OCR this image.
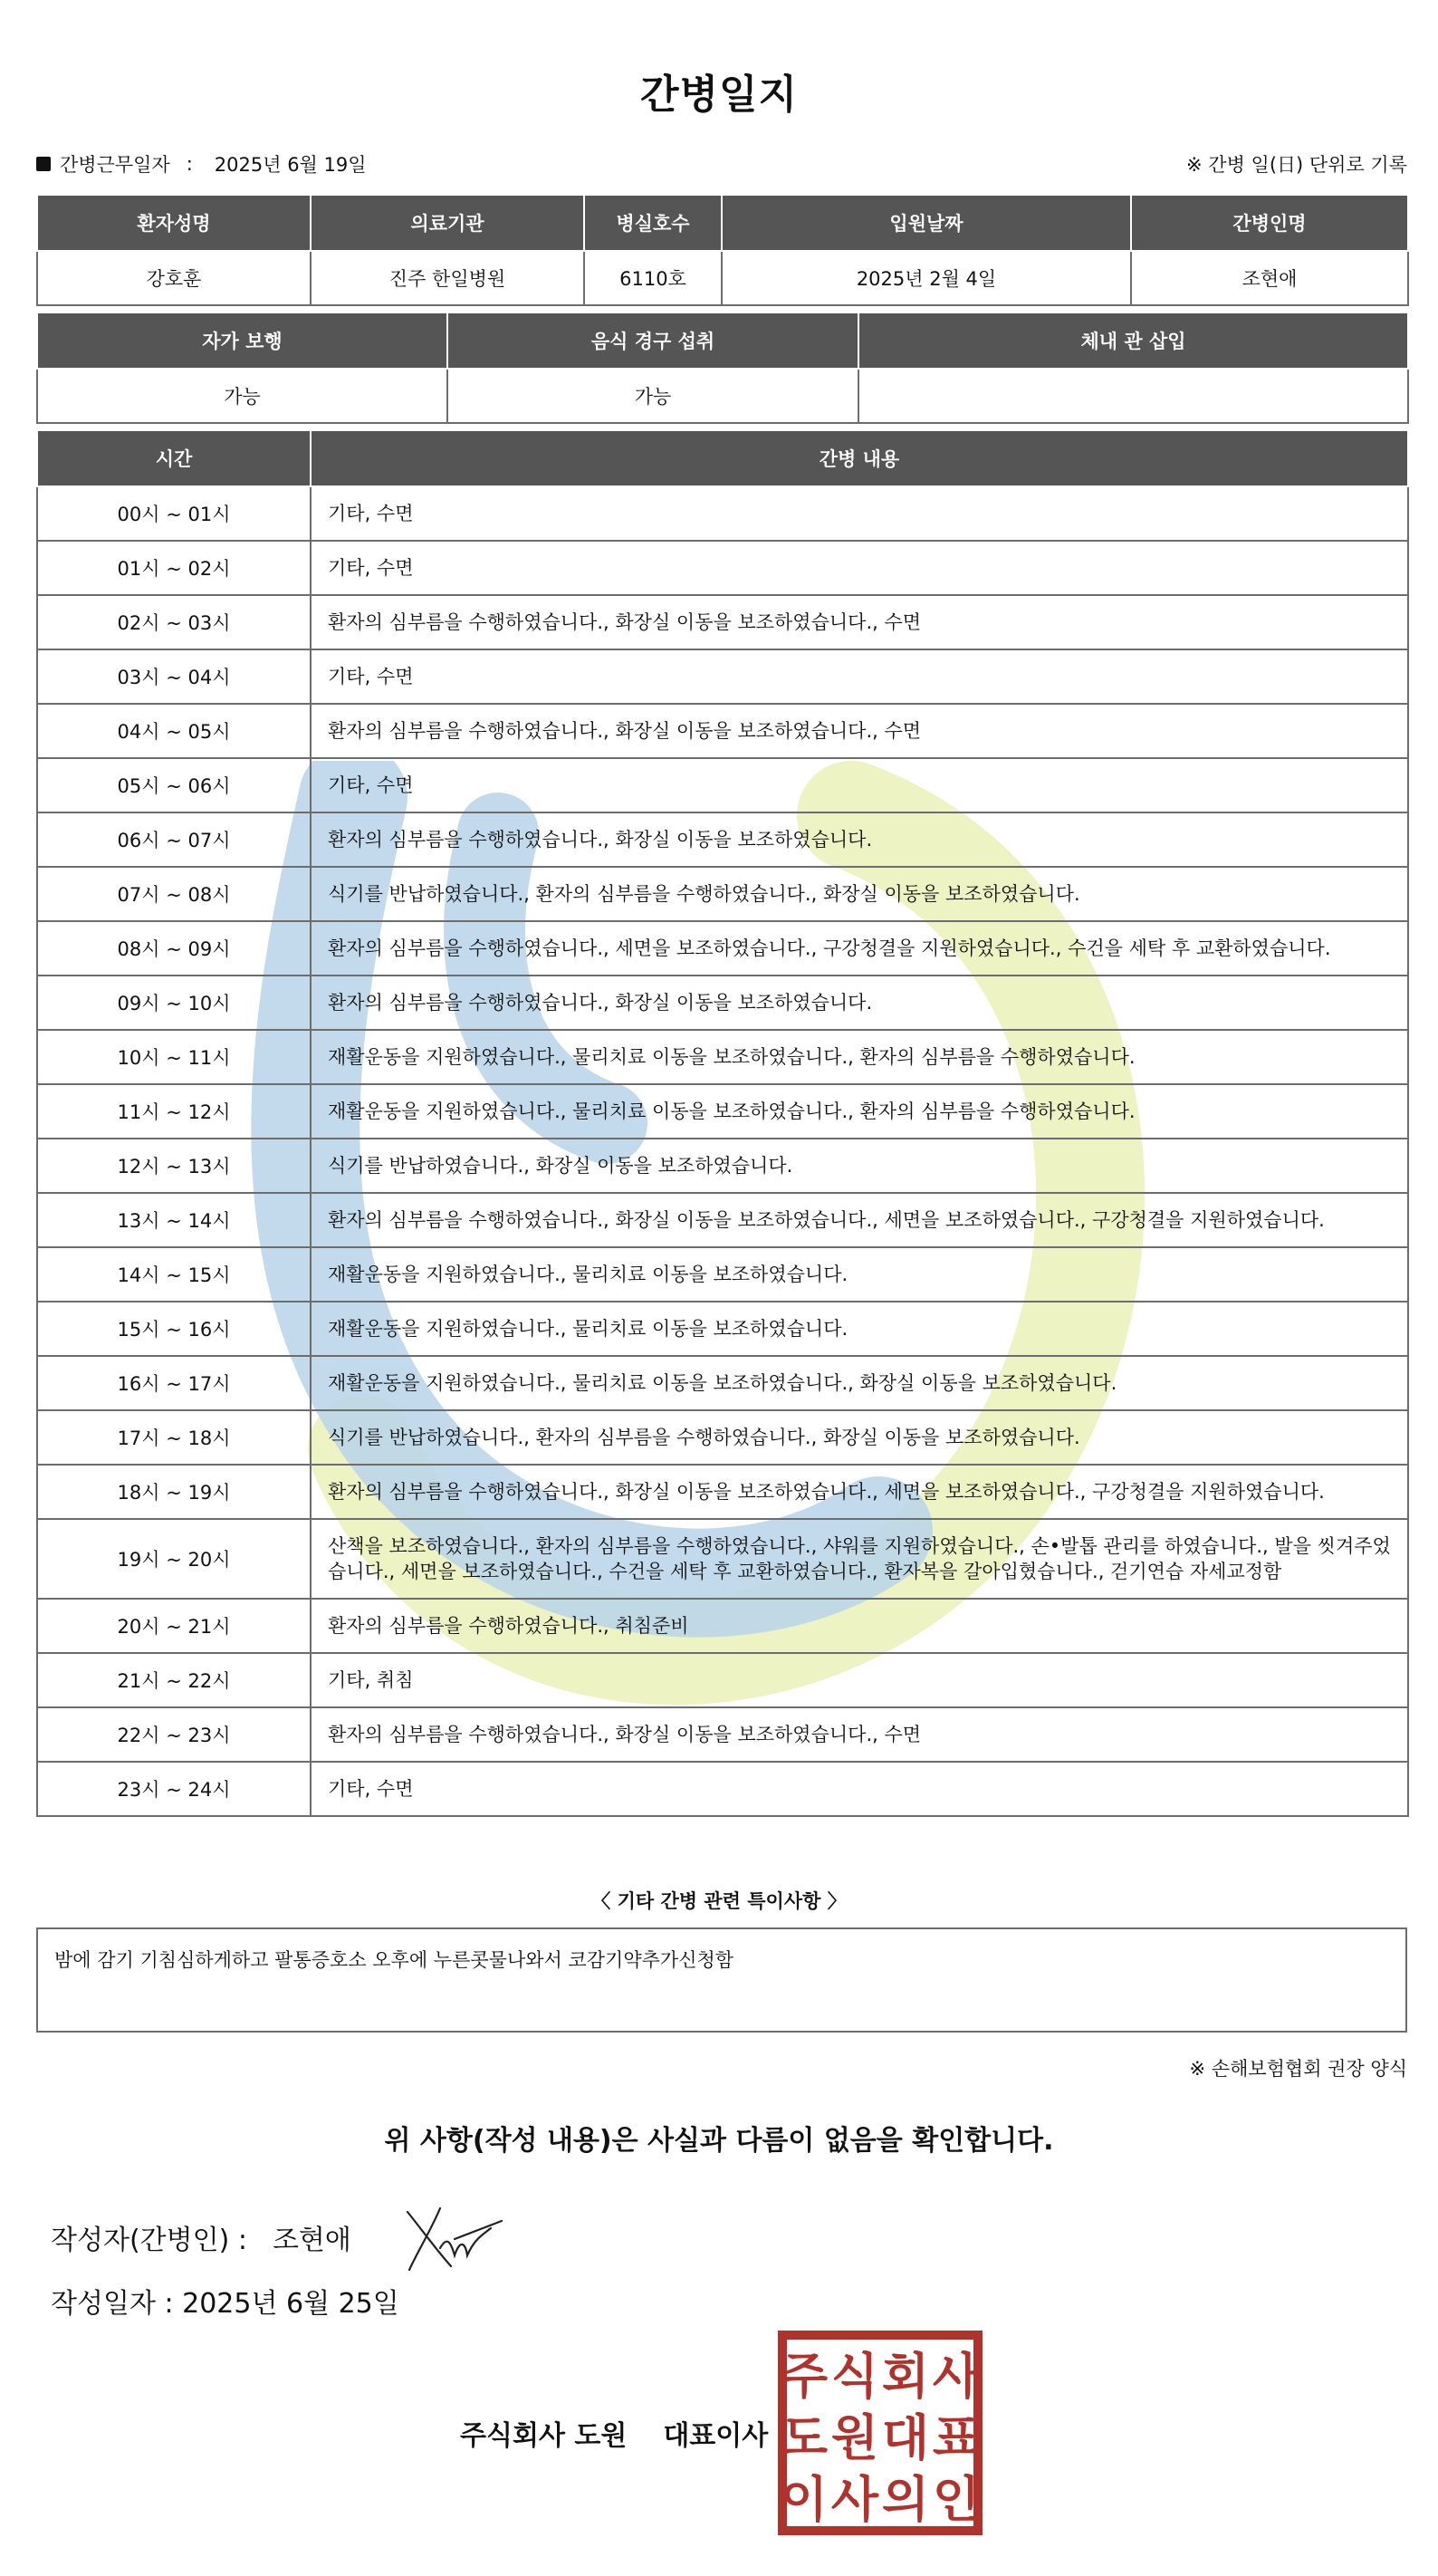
간병일지
간병근무일자 : 2025년 6월 19일	※ 간병 일(日) 단위로 기록
환자성명	의료기관	병실호수	입원날짜	간병인명
강호훈	진주 한일병원	6110호	2025년 2월 4일	조현애
자가 보행	음식 경구 섭취	체내 관 삽입
가능	가능	
시간	간병 내용
00시 ~ 01시	기타, 수면
01시 ~ 02시	기타, 수면
02시 ~ 03시	환자의 심부름을 수행하였습니다., 화장실 이동을 보조하였습니다., 수면
03시 ~ 04시	기타, 수면
04시 ~ 05시	환자의 심부름을 수행하였습니다., 화장실 이동을 보조하였습니다., 수면
05시 ~ 06시	기타, 수면
06시 ~ 07시	환자의 심부름을 수행하였습니다., 화장실 이동을 보조하였습니다.
07시 ~ 08시	식기를 반납하였습니다., 환자의 심부름을 수행하였습니다., 화장실 이동을 보조하였습니다.
08시 ~ 09시	환자의 심부름을 수행하였습니다., 세면을 보조하였습니다., 구강청결을 지원하였습니다., 수건을 세탁 후 교환하였습니다.
09시 ~ 10시	환자의 심부름을 수행하였습니다., 화장실 이동을 보조하였습니다.
10시 ~ 11시	재활운동을 지원하였습니다., 물리치료 이동을 보조하였습니다., 환자의 심부름을 수행하였습니다.
11시 ~ 12시	재활운동을 지원하였습니다., 물리치료 이동을 보조하였습니다., 환자의 심부름을 수행하였습니다.
12시 ~ 13시	식기를 반납하였습니다., 화장실 이동을 보조하였습니다.
13시 ~ 14시	환자의 심부름을 수행하였습니다., 화장실 이동을 보조하였습니다., 세면을 보조하였습니다., 구강청결을 지원하였습니다.
14시 ~ 15시	재활운동을 지원하였습니다., 물리치료 이동을 보조하였습니다.
15시 ~ 16시	재활운동을 지원하였습니다., 물리치료 이동을 보조하였습니다.
16시 ~ 17시	재활운동을 지원하였습니다., 물리치료 이동을 보조하였습니다., 화장실 이동을 보조하였습니다.
17시 ~ 18시	식기를 반납하였습니다., 환자의 심부름을 수행하였습니다., 화장실 이동을 보조하였습니다.
18시 ~ 19시	환자의 심부름을 수행하였습니다., 화장실 이동을 보조하였습니다., 세면을 보조하였습니다., 구강청결을 지원하였습니다.
19시 ~ 20시	산책을 보조하였습니다., 환자의 심부름을 수행하였습니다., 샤워를 지원하였습니다., 손•발톱 관리를 하였습니다., 발을 씻겨주었습니다., 세면을 보조하였습니다., 수건을 세탁 후 교환하였습니다., 환자복을 갈아입혔습니다., 걷기연습 자세교정함
20시 ~ 21시	환자의 심부름을 수행하였습니다., 취침준비
21시 ~ 22시	기타, 취침
22시 ~ 23시	환자의 심부름을 수행하였습니다., 화장실 이동을 보조하였습니다., 수면
23시 ~ 24시	기타, 수면
〈 기타 간병 관련 특이사항 〉
밤에 감기 기침심하게하고 팔통증호소 오후에 누른콧물나와서 코감기약추가신청함
※ 손해보험협회 권장 양식
위 사항(작성 내용)은 사실과 다름이 없음을 확인합니다.
작성자(간병인) : 조현애
작성일자 : 2025년 6월 25일
주식회사 도원 대표이사
주 식 회 사
도 원 대 표
이 사 의 인
